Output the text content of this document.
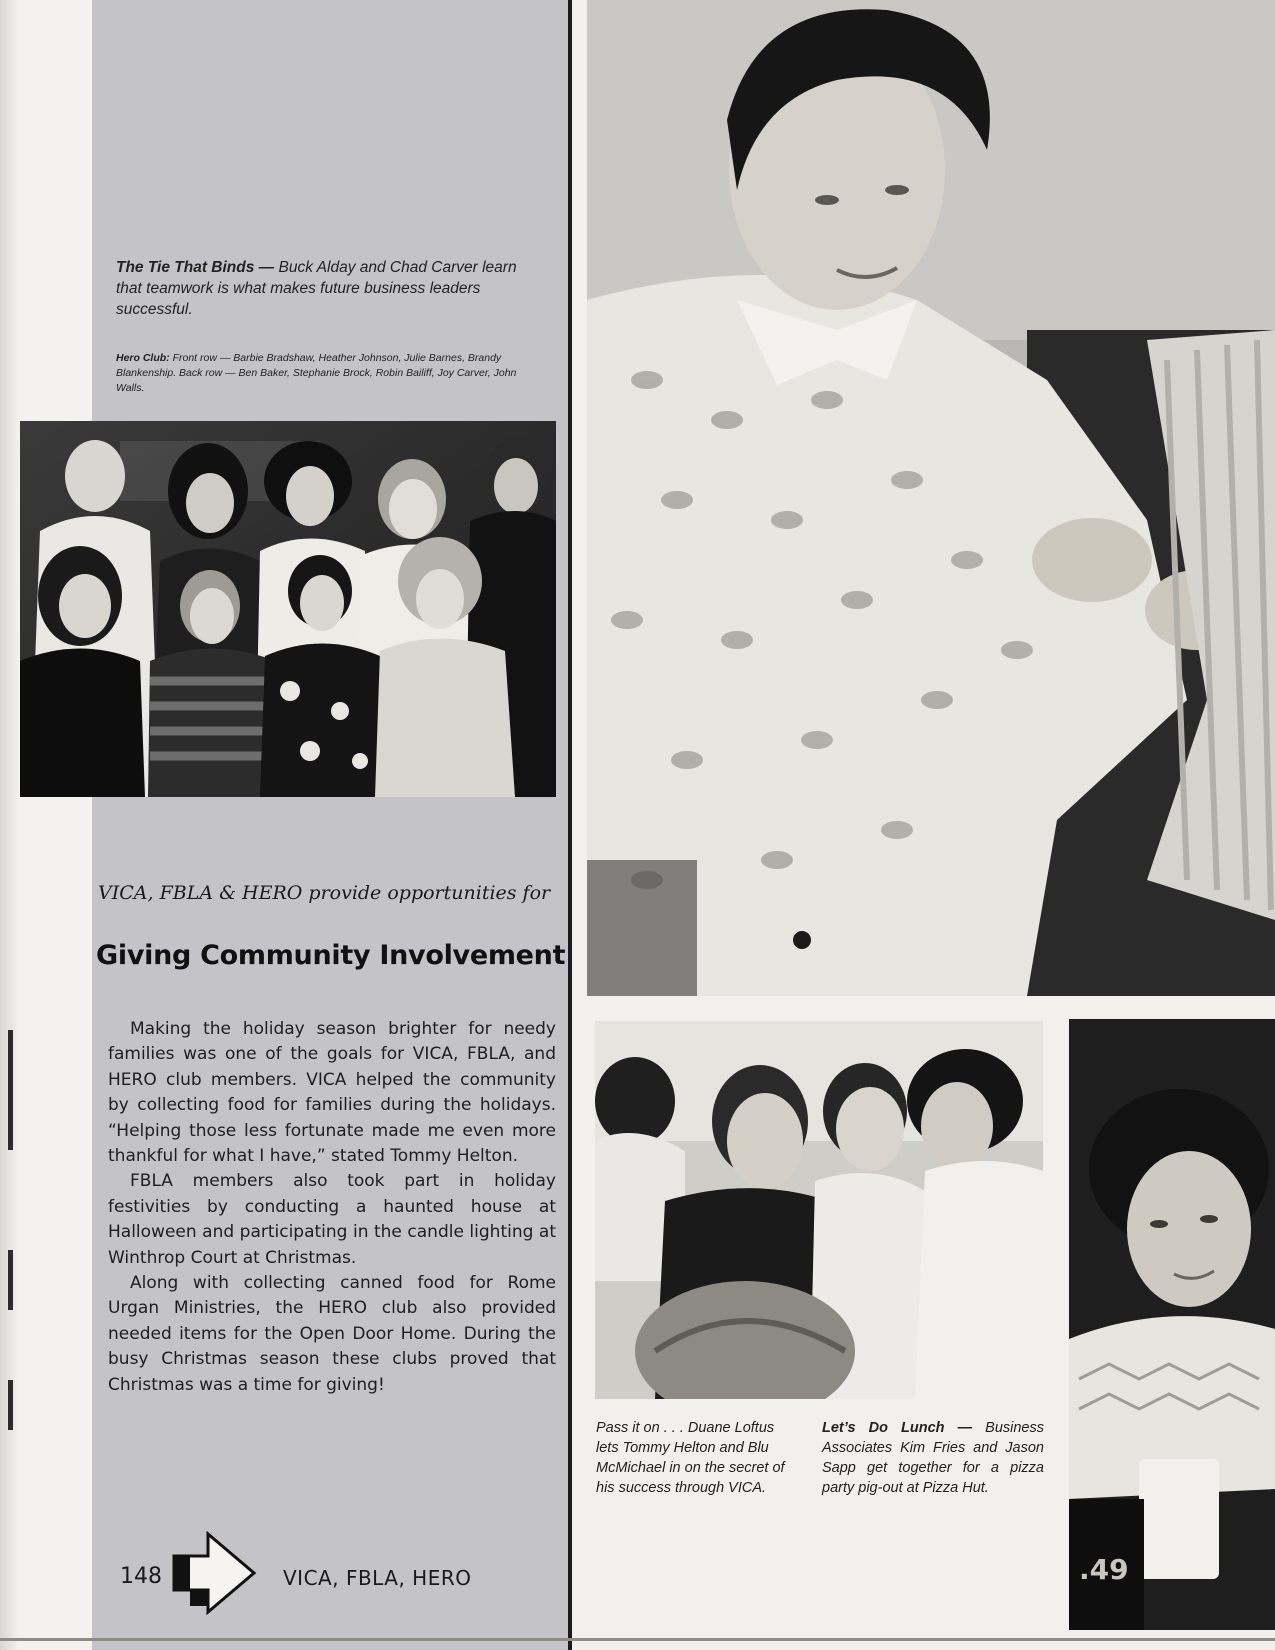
The Tie That Binds — Buck Alday and Chad Carver learn that teamwork is what makes future business leaders successful.
Hero Club: Front row — Barbie Bradshaw, Heather Johnson, Julie Barnes, Brandy Blankenship. Back row — Ben Baker, Stephanie Brock, Robin Bailiff, Joy Carver, John Walls.
VICA, FBLA & HERO provide opportunities for
Giving Community Involvement

Making the holiday season brighter for needy families was one of the goals for VICA, FBLA, and HERO club members. VICA helped the community by collecting food for families during the holidays. “Helping those less fortunate made me even more thankful for what I have,” stated Tommy Helton.

FBLA members also took part in holiday festivities by conducting a haunted house at Halloween and participating in the candle lighting at Winthrop Court at Christmas.

Along with collecting canned food for Rome Urgan Ministries, the HERO club also provided needed items for the Open Door Home. During the busy Christmas season these clubs proved that Christmas was a time for giving!

.49
Pass it on . . . Duane Loftus lets Tommy Helton and Blu McMichael in on the secret of his success through VICA.
Let’s Do Lunch — Business Associates Kim Fries and Jason Sapp get together for a pizza party pig-out at Pizza Hut.
148	VICA, FBLA, HERO
